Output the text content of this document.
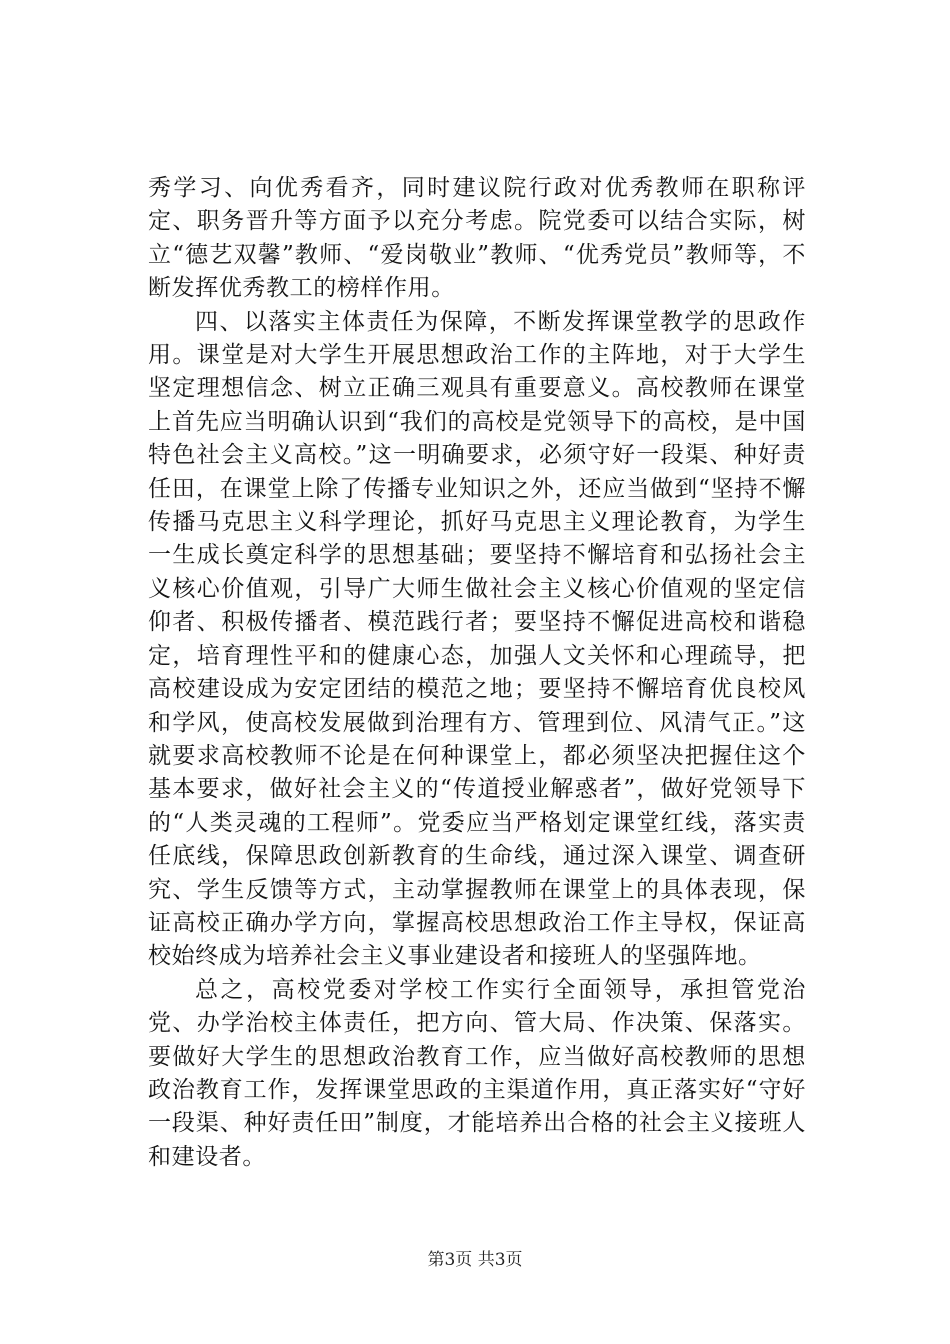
秀学习、向优秀看齐，同时建议院行政对优秀教师在职称评定、职务晋升等方面予以充分考虑。院党委可以结合实际，树立“德艺双馨”教师、“爱岗敬业”教师、“优秀党员”教师等，不断发挥优秀教工的榜样作用。

四、以落实主体责任为保障，不断发挥课堂教学的思政作用。课堂是对大学生开展思想政治工作的主阵地，对于大学生坚定理想信念、树立正确三观具有重要意义。高校教师在课堂上首先应当明确认识到“我们的高校是党领导下的高校，是中国特色社会主义高校。”这一明确要求，必须守好一段渠、种好责任田，在课堂上除了传播专业知识之外，还应当做到“坚持不懈传播马克思主义科学理论，抓好马克思主义理论教育，为学生一生成长奠定科学的思想基础；要坚持不懈培育和弘扬社会主义核心价值观，引导广大师生做社会主义核心价值观的坚定信仰者、积极传播者、模范践行者；要坚持不懈促进高校和谐稳定，培育理性平和的健康心态，加强人文关怀和心理疏导，把高校建设成为安定团结的模范之地；要坚持不懈培育优良校风和学风，使高校发展做到治理有方、管理到位、风清气正。”这就要求高校教师不论是在何种课堂上，都必须坚决把握住这个基本要求，做好社会主义的“传道授业解惑者”，做好党领导下的“人类灵魂的工程师”。党委应当严格划定课堂红线，落实责任底线，保障思政创新教育的生命线，通过深入课堂、调查研究、学生反馈等方式，主动掌握教师在课堂上的具体表现，保证高校正确办学方向，掌握高校思想政治工作主导权，保证高校始终成为培养社会主义事业建设者和接班人的坚强阵地。

总之，高校党委对学校工作实行全面领导，承担管党治党、办学治校主体责任，把方向、管大局、作决策、保落实。要做好大学生的思想政治教育工作，应当做好高校教师的思想政治教育工作，发挥课堂思政的主渠道作用，真正落实好“守好一段渠、种好责任田”制度，才能培养出合格的社会主义接班人和建设者。

第3页 共3页
